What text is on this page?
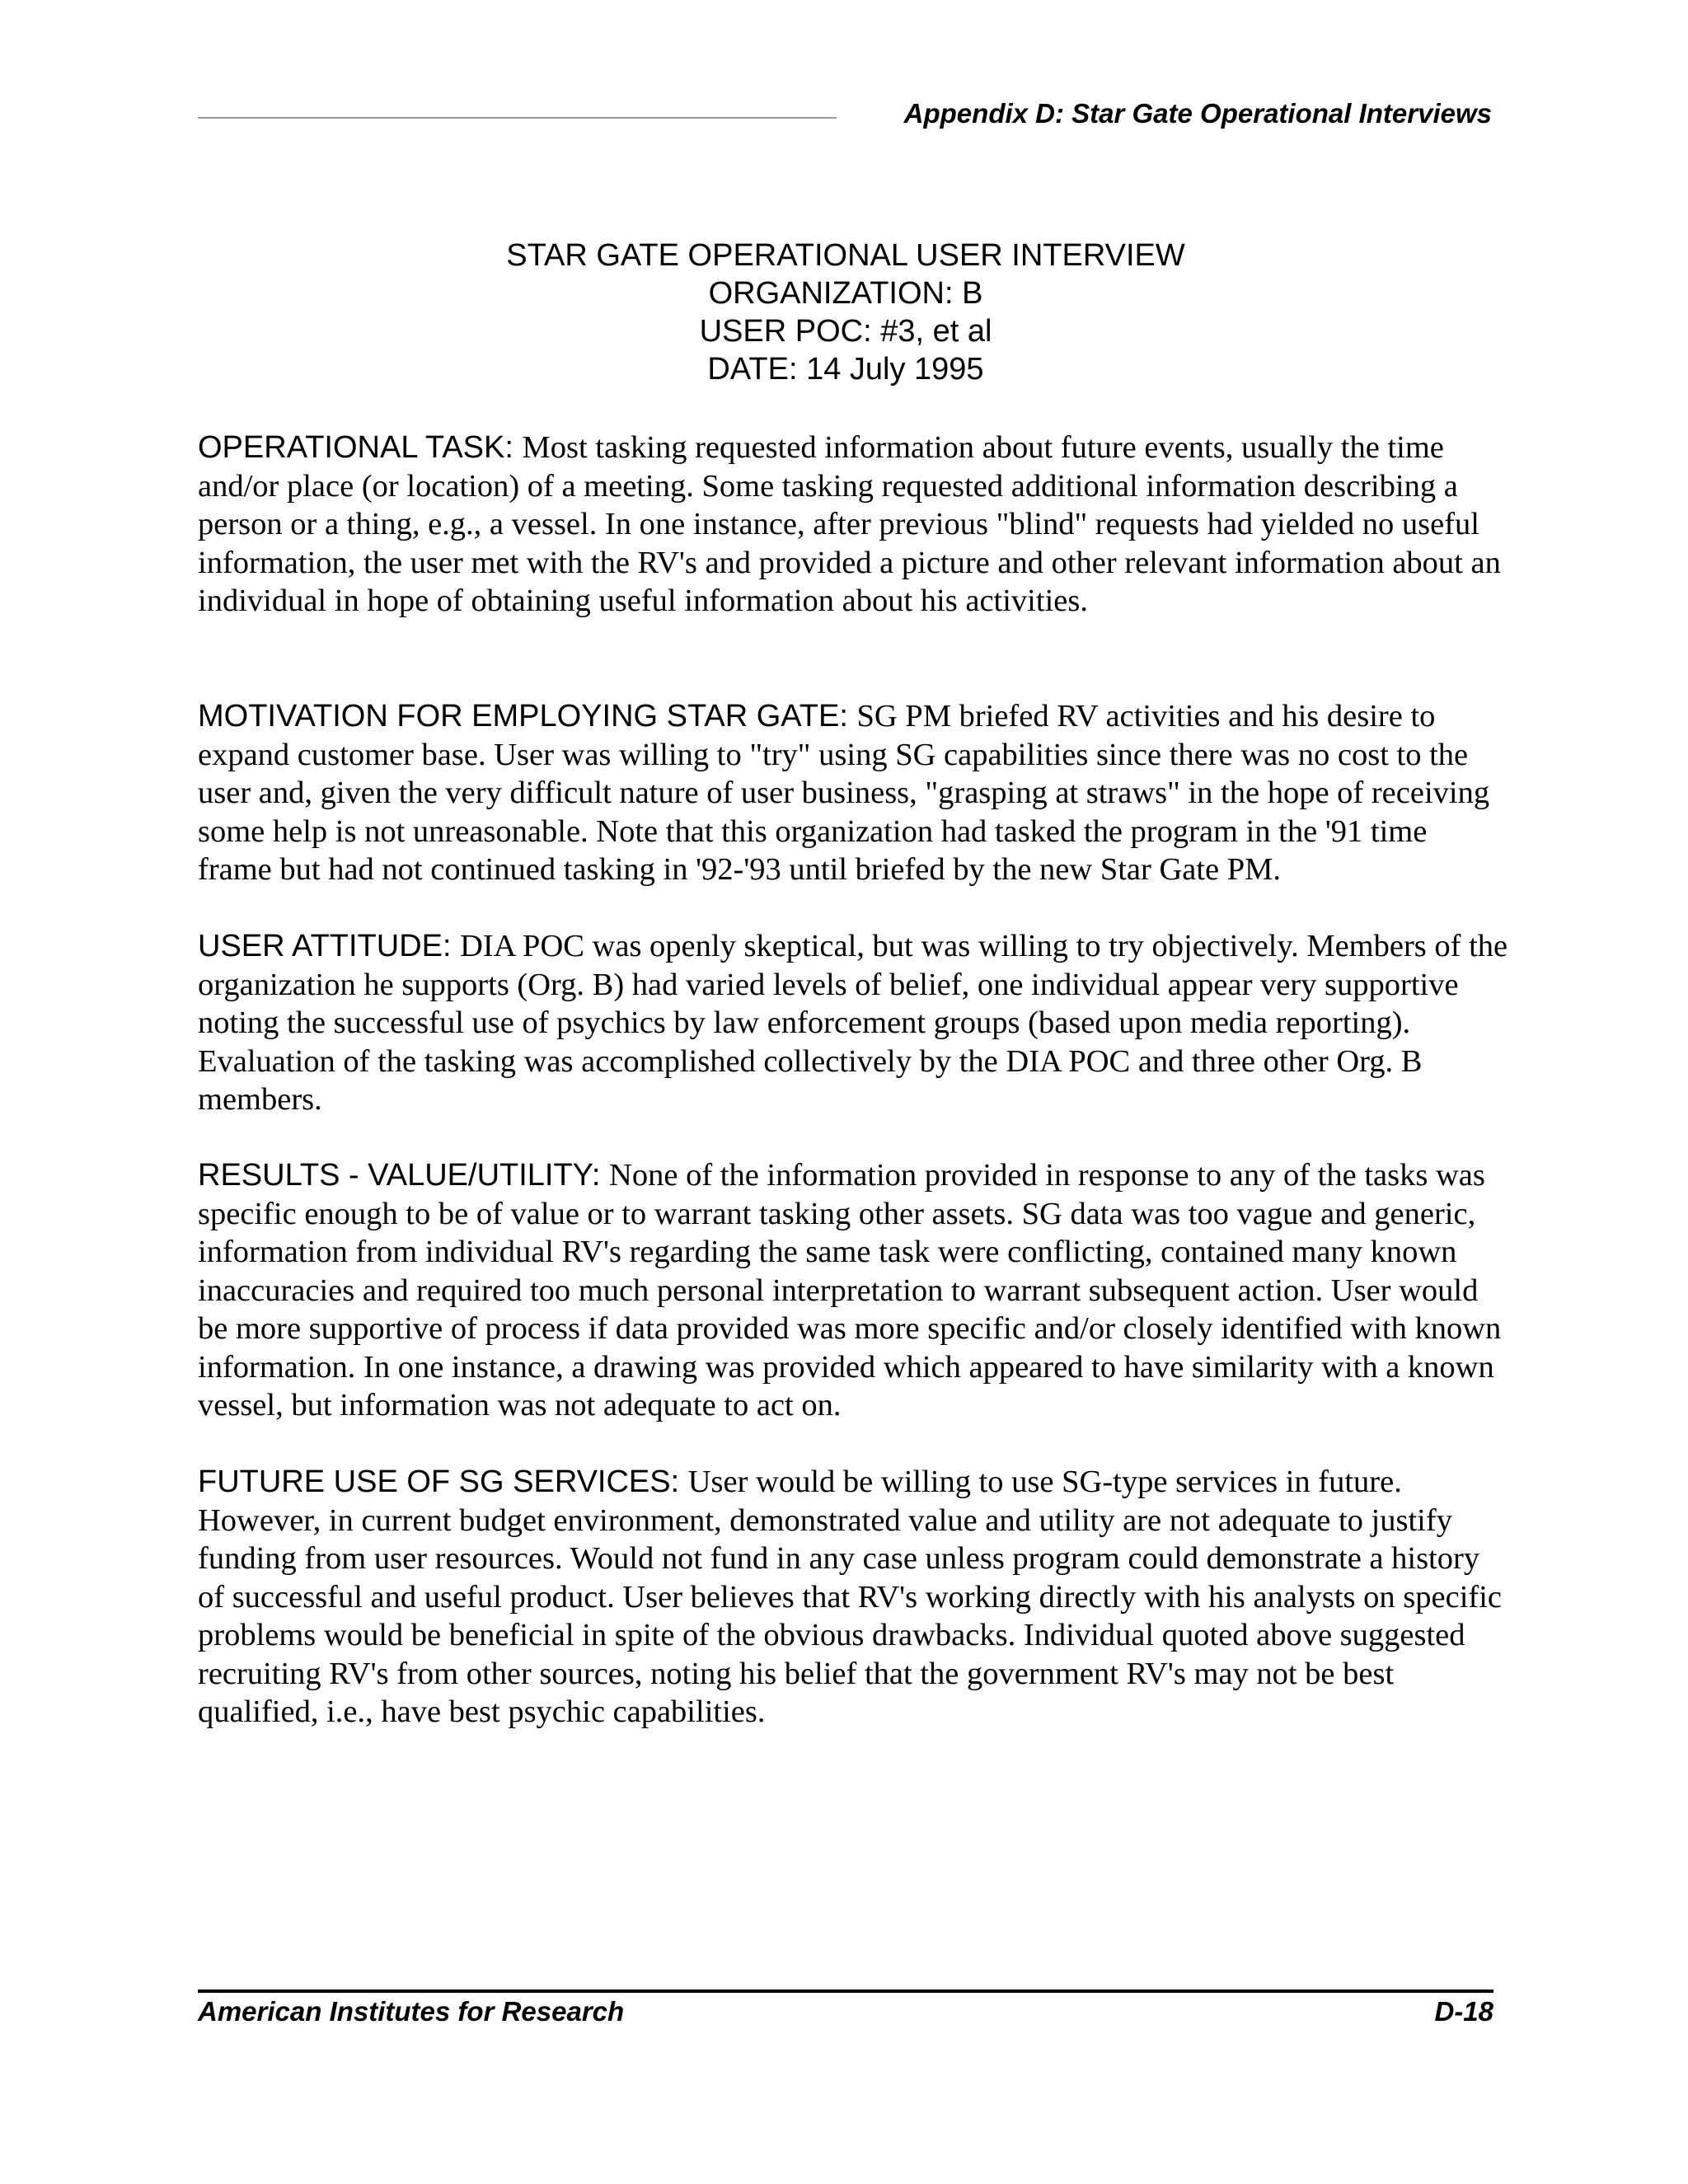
Appendix D: Star Gate Operational Interviews
STAR GATE OPERATIONAL USER INTERVIEW
ORGANIZATION: B
USER POC: #3, et al
DATE: 14 July 1995
OPERATIONAL TASK: Most tasking requested information about future events, usually the time and/or place (or location) of a meeting. Some tasking requested additional information describing a person or a thing, e.g., a vessel. In one instance, after previous "blind" requests had yielded no useful information, the user met with the RV's and provided a picture and other relevant information about an individual in hope of obtaining useful information about his activities.
MOTIVATION FOR EMPLOYING STAR GATE: SG PM briefed RV activities and his desire to expand customer base. User was willing to "try" using SG capabilities since there was no cost to the user and, given the very difficult nature of user business, "grasping at straws" in the hope of receiving some help is not unreasonable. Note that this organization had tasked the program in the '91 time frame but had not continued tasking in '92-'93 until briefed by the new Star Gate PM.
USER ATTITUDE: DIA POC was openly skeptical, but was willing to try objectively. Members of the organization he supports (Org. B) had varied levels of belief, one individual appear very supportive noting the successful use of psychics by law enforcement groups (based upon media reporting). Evaluation of the tasking was accomplished collectively by the DIA POC and three other Org. B members.
RESULTS - VALUE/UTILITY: None of the information provided in response to any of the tasks was specific enough to be of value or to warrant tasking other assets. SG data was too vague and generic, information from individual RV's regarding the same task were conflicting, contained many known inaccuracies and required too much personal interpretation to warrant subsequent action. User would be more supportive of process if data provided was more specific and/or closely identified with known information. In one instance, a drawing was provided which appeared to have similarity with a known vessel, but information was not adequate to act on.
FUTURE USE OF SG SERVICES: User would be willing to use SG-type services in future. However, in current budget environment, demonstrated value and utility are not adequate to justify funding from user resources. Would not fund in any case unless program could demonstrate a history of successful and useful product. User believes that RV's working directly with his analysts on specific problems would be beneficial in spite of the obvious drawbacks. Individual quoted above suggested recruiting RV's from other sources, noting his belief that the government RV's may not be best qualified, i.e., have best psychic capabilities.
American Institutes for Research	D-18
